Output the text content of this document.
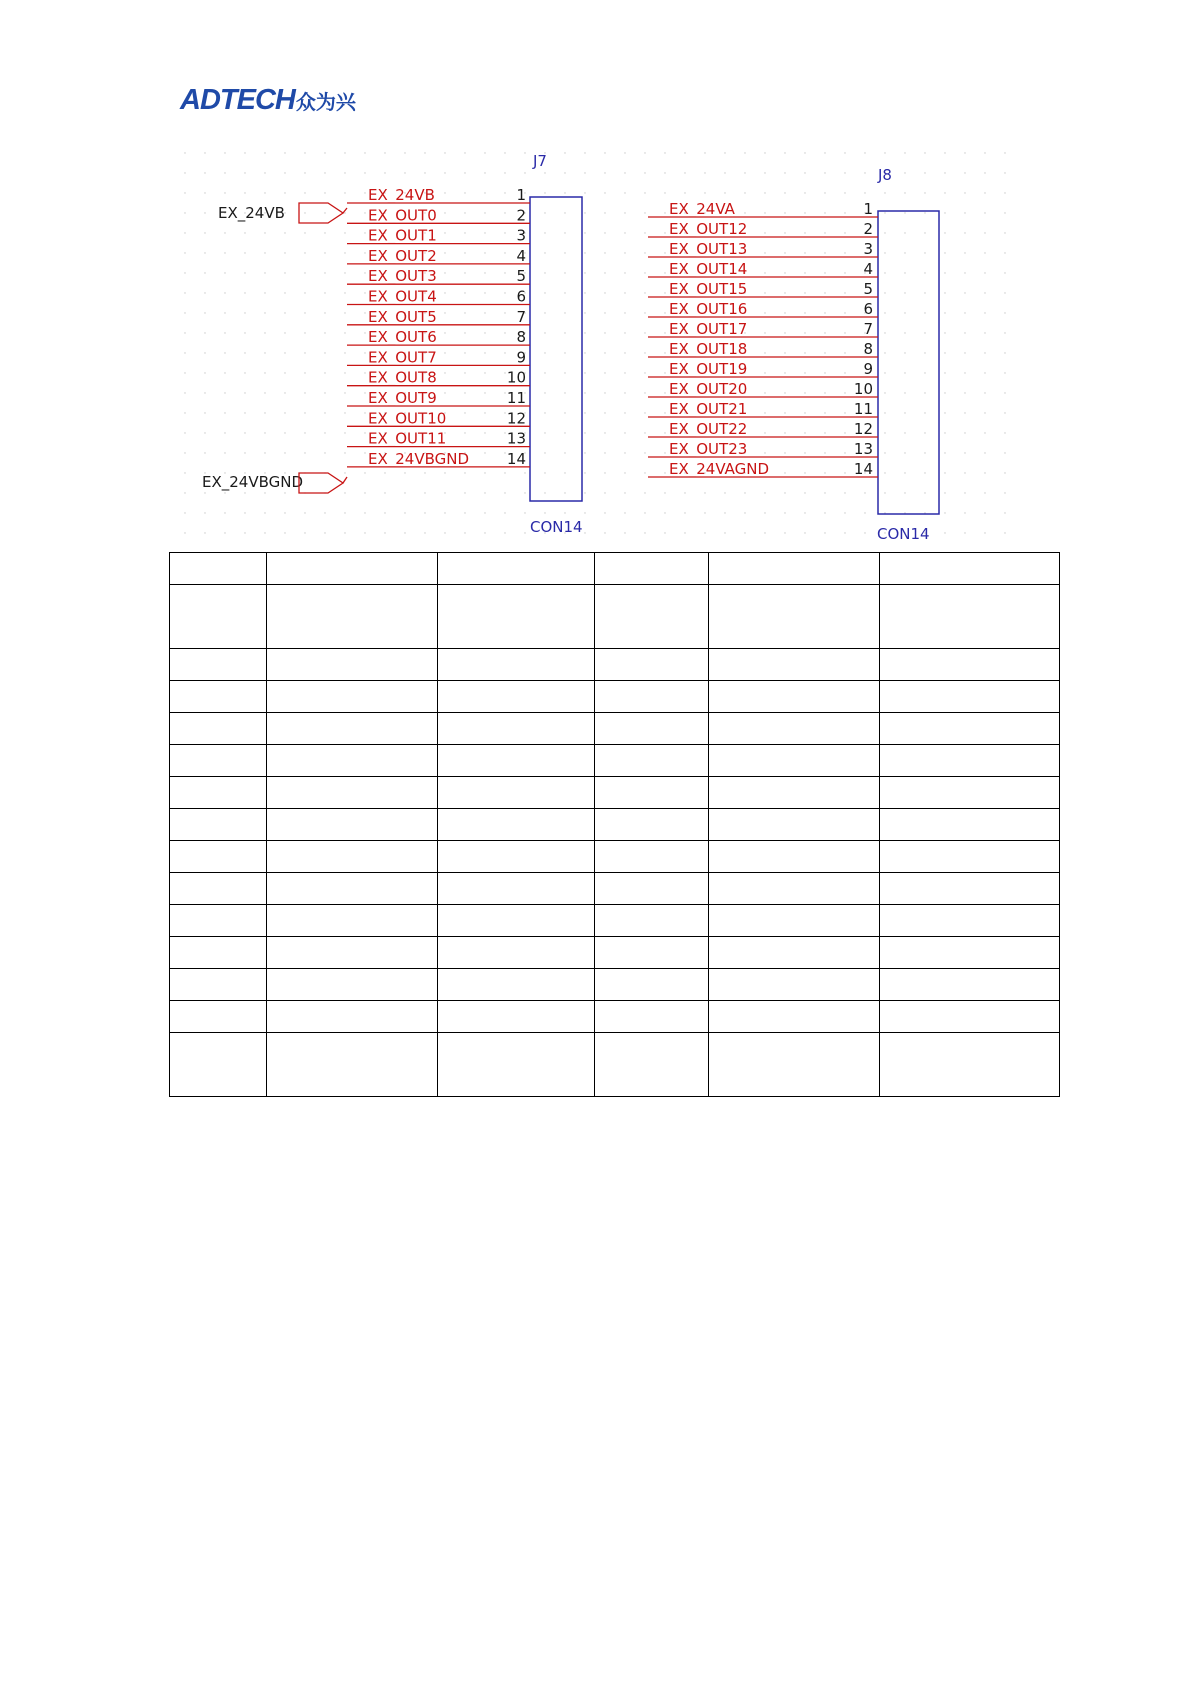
ADTECH众为兴
EX_24VB
EX_24VBGND
J7
CON14
EX_24VB	1
EX_OUT0	2
EX_OUT1	3
EX_OUT2	4
EX_OUT3	5
EX_OUT4	6
EX_OUT5	7
EX_OUT6	8
EX_OUT7	9
EX_OUT8	10
EX_OUT9	11
EX_OUT10	12
EX_OUT11	13
EX_24VBGND	14
J8
CON14
EX_24VA	1
EX_OUT12	2
EX_OUT13	3
EX_OUT14	4
EX_OUT15	5
EX_OUT16	6
EX_OUT17	7
EX_OUT18	8
EX_OUT19	9
EX_OUT20	10
EX_OUT21	11
EX_OUT22	12
EX_OUT23	13
EX_24VAGND	14
